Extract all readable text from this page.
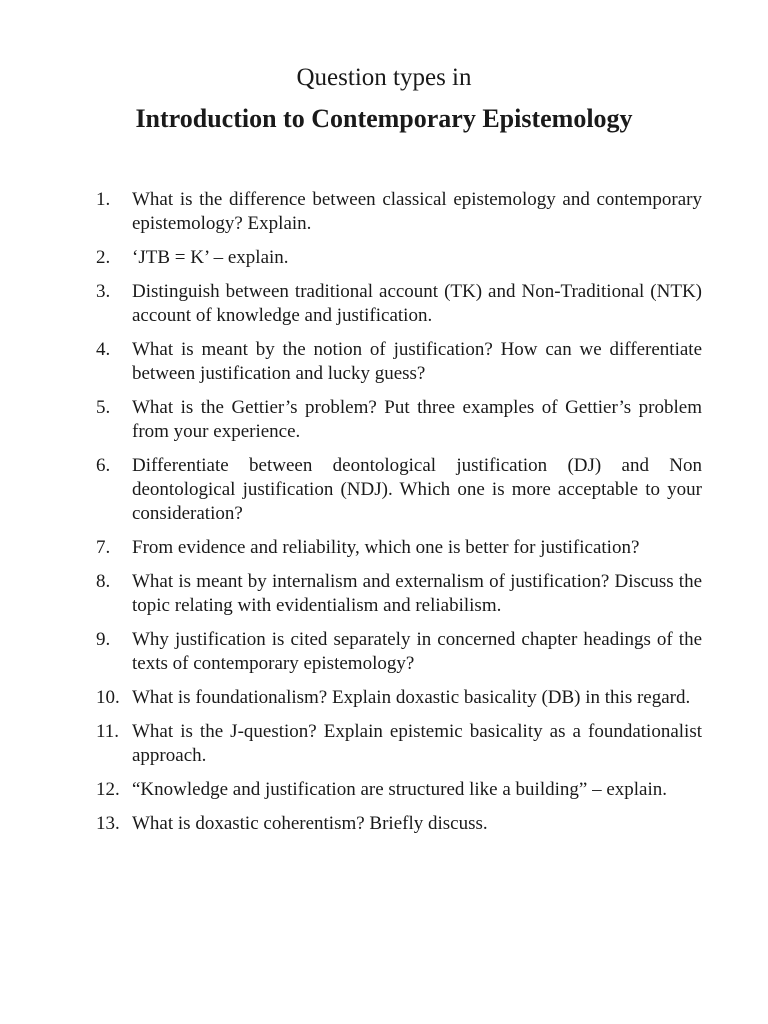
Question types in
Introduction to Contemporary Epistemology
1.	What is the difference between classical epistemology and contemporary epistemology? Explain.
2.	‘JTB = K’ – explain.
3.	Distinguish between traditional account (TK) and Non-Traditional (NTK) account of knowledge and justification.
4.	What is meant by the notion of justification? How can we differentiate between justification and lucky guess?
5.	What is the Gettier’s problem? Put three examples of Gettier’s problem from your experience.
6.	Differentiate between deontological justification (DJ) and Non deontological justification (NDJ). Which one is more acceptable to your consideration?
7.	From evidence and reliability, which one is better for justification?
8.	What is meant by internalism and externalism of justification? Discuss the topic relating with evidentialism and reliabilism.
9.	Why justification is cited separately in concerned chapter headings of the texts of contemporary epistemology?
10. What is foundationalism? Explain doxastic basicality (DB) in this regard.
11. What is the J-question? Explain epistemic basicality as a foundationalist approach.
12. “Knowledge and justification are structured like a building” – explain.
13. What is doxastic coherentism? Briefly discuss.
